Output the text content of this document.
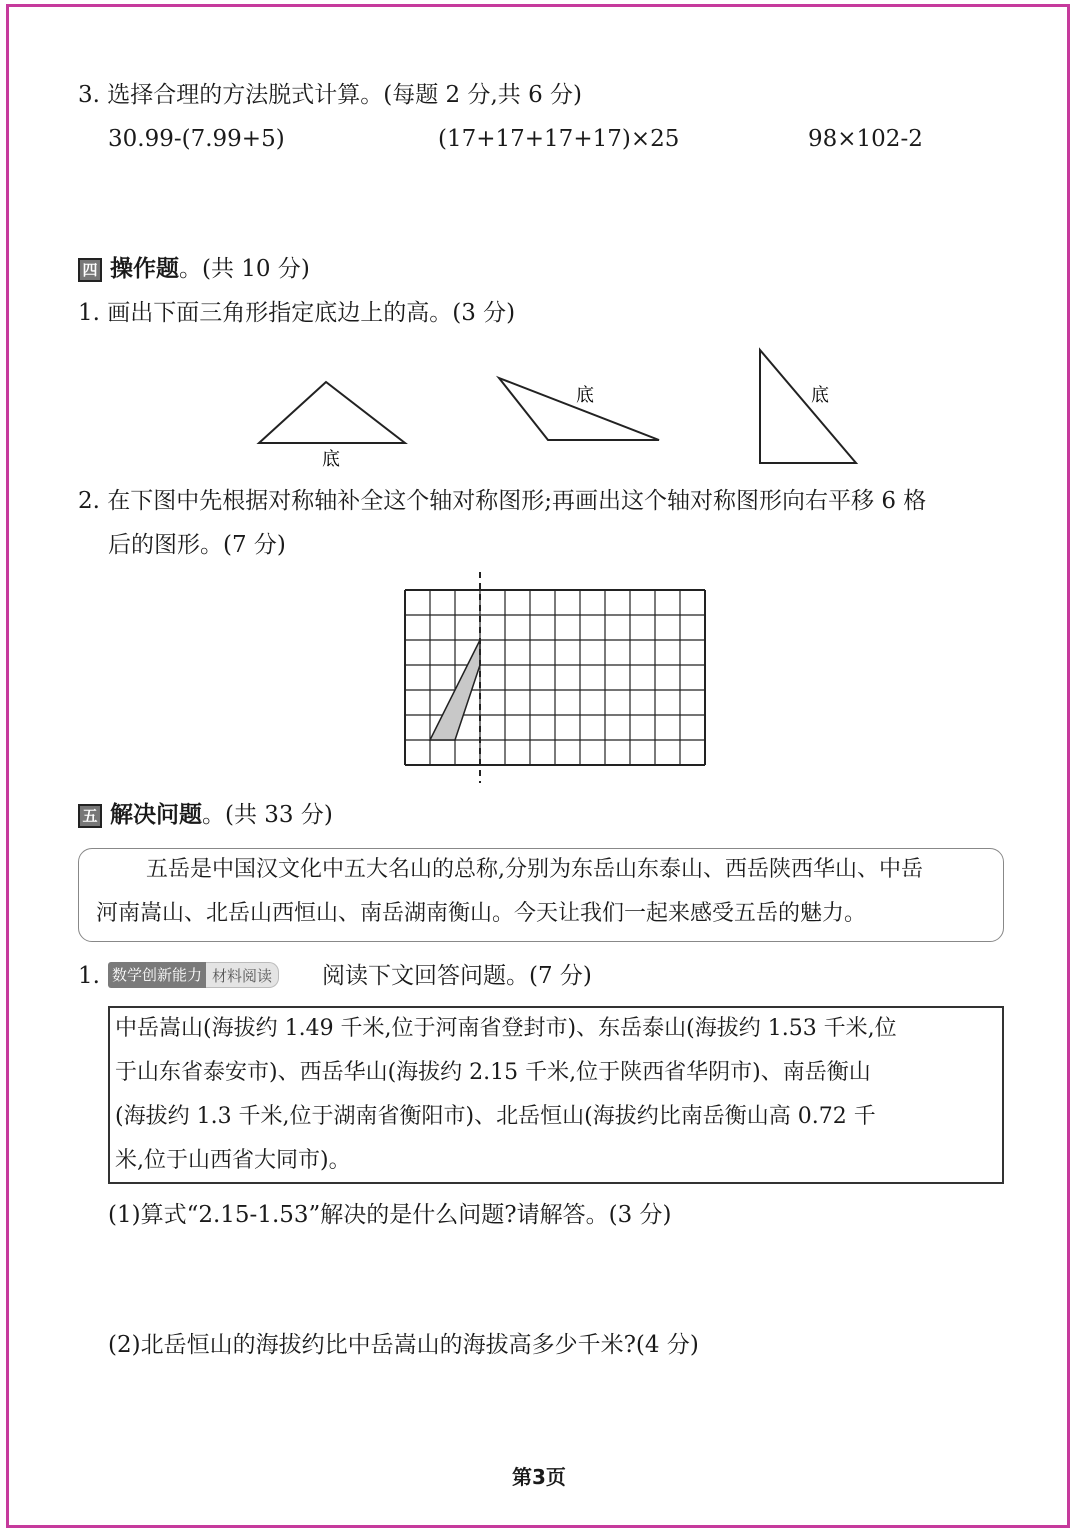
3. 选择合理的方法脱式计算。(每题 2 分,共 6 分)
30.99-(7.99+5)	(17+17+17+17)×25	98×102-2
四 操作题。(共 10 分)
1. 画出下面三角形指定底边上的高。(3 分)
底
底	底
2. 在下图中先根据对称轴补全这个轴对称图形;再画出这个轴对称图形向右平移 6 格
后的图形。(7 分)
五 解决问题。(共 33 分)
五岳是中国汉文化中五大名山的总称,分别为东岳山东泰山、西岳陕西华山、中岳
河南嵩山、北岳山西恒山、南岳湖南衡山。今天让我们一起来感受五岳的魅力。
1. 数学创新能力 材料阅读	阅读下文回答问题。(7 分)
中岳嵩山(海拔约 1.49 千米,位于河南省登封市)、东岳泰山(海拔约 1.53 千米,位
于山东省泰安市)、西岳华山(海拔约 2.15 千米,位于陕西省华阴市)、南岳衡山
(海拔约 1.3 千米,位于湖南省衡阳市)、北岳恒山(海拔约比南岳衡山高 0.72 千
米,位于山西省大同市)。
(1)算式“2.15-1.53”解决的是什么问题?请解答。(3 分)
(2)北岳恒山的海拔约比中岳嵩山的海拔高多少千米?(4 分)
第3页
